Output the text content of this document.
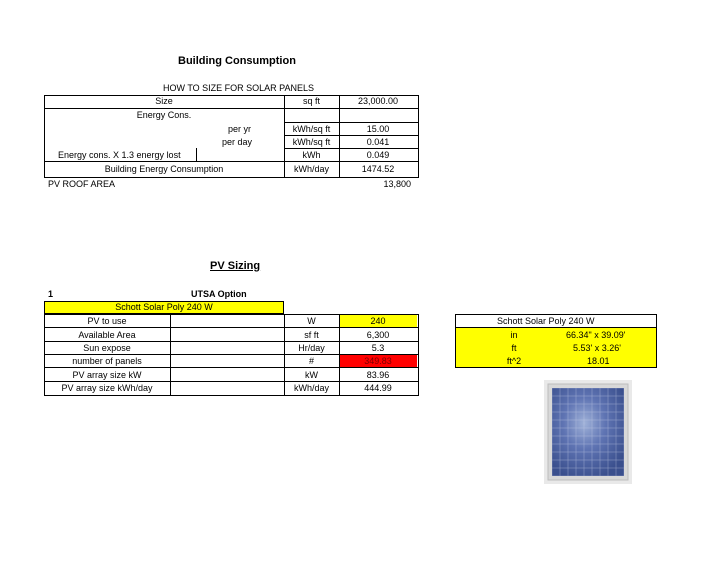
Building Consumption
HOW TO SIZE FOR SOLAR PANELS
Size	sq ft	23,000.00
Energy Cons.
per yr	kWh/sq ft	15.00
per day	kWh/sq ft	0.041
Energy cons. X 1.3 energy lost	kWh	0.049
Building Energy Consumption	kWh/day	1474.52
PV ROOF AREA	13,800
PV Sizing
1	UTSA Option
Schott Solar Poly 240 W
PV to use	W	240
Available Area	sf ft	6,300
Sun expose	Hr/day	5.3
number of panels	#	349.83
PV array size kW	kW	83.96
PV array size kWh/day	kWh/day	444.99
Schott Solar Poly 240 W
in	66.34" x 39.09'
ft	5.53' x 3.26'
ft^2	18.01
